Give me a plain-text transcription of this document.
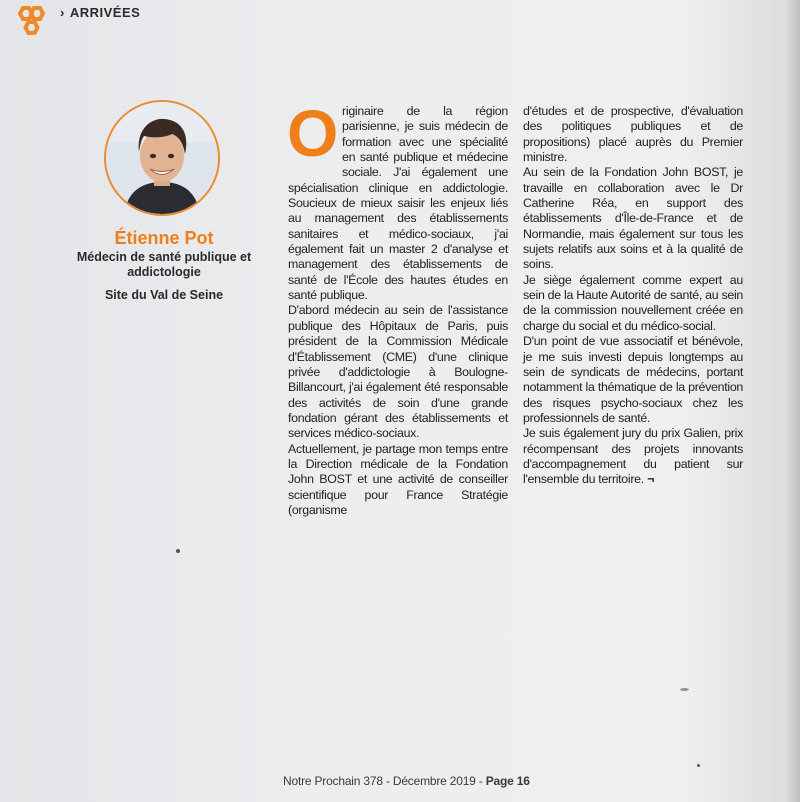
› ARRIVÉES
Étienne Pot
Médecin de santé publique et addictologie
Site du Val de Seine

Originaire de la région parisienne, je suis médecin de formation avec une spécialité en santé publique et médecine sociale. J'ai également une spécialisation clinique en addictologie. Soucieux de mieux saisir les enjeux liés au management des établissements sanitaires et médico-sociaux, j'ai également fait un master 2 d'analyse et management des établissements de santé de l'École des hautes études en santé publique.

D'abord médecin au sein de l'assistance publique des Hôpitaux de Paris, puis président de la Commission Médicale d'Établissement (CME) d'une clinique privée d'addictologie à Boulogne-Billancourt, j'ai également été responsable des activités de soin d'une grande fondation gérant des établissements et services médico-sociaux.

Actuellement, je partage mon temps entre la Direction médicale de la Fondation John BOST et une activité de conseiller scientifique pour France Stratégie (organisme

d'études et de prospective, d'évaluation des politiques publiques et de propositions) placé auprès du Premier ministre.

Au sein de la Fondation John BOST, je travaille en collaboration avec le Dr Catherine Réa, en support des établissements d'Île-de-France et de Normandie, mais également sur tous les sujets relatifs aux soins et à la qualité de soins.

Je siège également comme expert au sein de la Haute Autorité de santé, au sein de la commission nouvellement créée en charge du social et du médico-social.

D'un point de vue associatif et bénévole, je me suis investi depuis longtemps au sein de syndicats de médecins, portant notamment la thématique de la prévention des risques psycho-sociaux chez les professionnels de santé.

Je suis également jury du prix Galien, prix récompensant des projets innovants d'accompagnement du patient sur l'ensemble du territoire. ¬

Notre Prochain 378 - Décembre 2019 - Page 16
